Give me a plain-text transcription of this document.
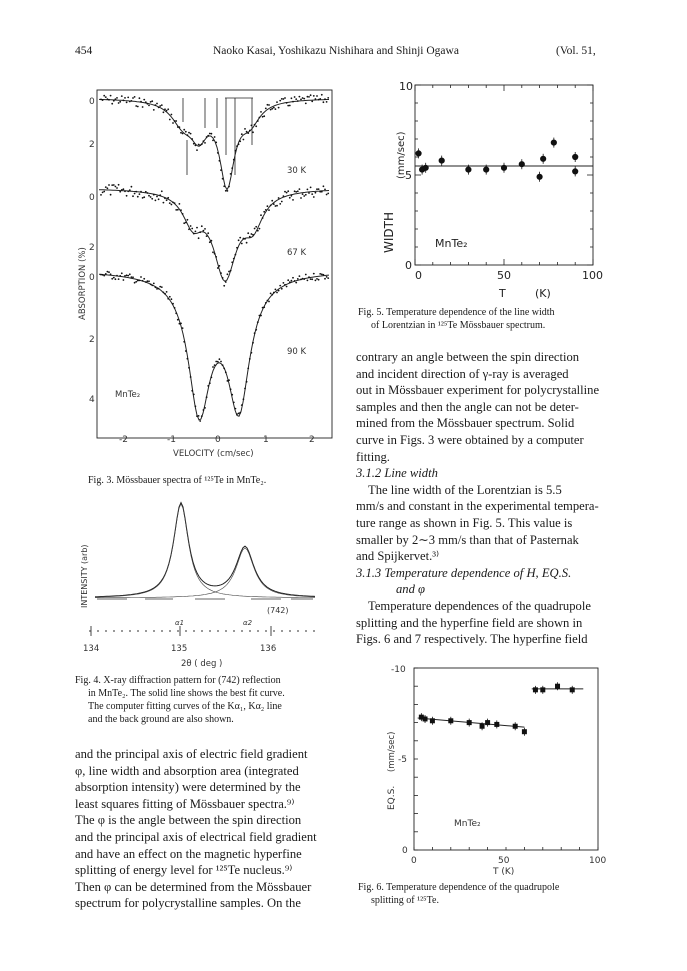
454	Naoko Kasai, Yoshikazu Nishihara and Shinji Ogawa	(Vol. 51,
0
2
0
2
0
2
4
-2	-1	0	1	2
VELOCITY (cm/sec)
ABSORPTION (%)
30 K
67 K
90 K
MnTe₂
Fig. 3. Mössbauer spectra of ¹²⁵Te in MnTe₂.
INTENSITY (arb)
α1	α2
(742)
134	135	136
2θ ( deg )
Fig. 4. X-ray diffraction pattern for (742) reflection
in MnTe₂. The solid line shows the best fit curve.
The computer fitting curves of the Kα₁, Kα₂ line
and the back ground are also shown.

and the principal axis of electric field gradient

φ, line width and absorption area (integrated

absorption intensity) were determined by the

least squares fitting of Mössbauer spectra.⁹⁾

The φ is the angle between the spin direction

and the principal axis of electrical field gradient

and have an effect on the magnetic hyperfine

splitting of energy level for ¹²⁵Te nucleus.⁹⁾

Then φ can be determined from the Mössbauer

spectrum for polycrystalline samples. On the

10
5
0
0	50	100
T	(K)
WIDTH
(mm/sec)
MnTe₂
Fig. 5. Temperature dependence of the line width
of Lorentzian in ¹²⁵Te Mössbauer spectrum.

contrary an angle between the spin direction

and incident direction of γ-ray is averaged

out in Mössbauer experiment for polycrystalline

samples and then the angle can not be deter-

mined from the Mössbauer spectrum. Solid

curve in Figs. 3 were obtained by a computer

fitting.

3.1.2 Line width

The line width of the Lorentzian is 5.5

mm/s and constant in the experimental tempera-

ture range as shown in Fig. 5. This value is

smaller by 2∼3 mm/s than that of Pasternak

and Spijkervet.³⁾

3.1.3 Temperature dependence of H, EQ.S.

and φ

Temperature dependences of the quadrupole

splitting and the hyperfine field are shown in

Figs. 6 and 7 respectively. The hyperfine field

-10
-5
0
0	50	100
T (K)
EQ.S.
(mm/sec)
MnTe₂
Fig. 6. Temperature dependence of the quadrupole
splitting of ¹²⁵Te.
